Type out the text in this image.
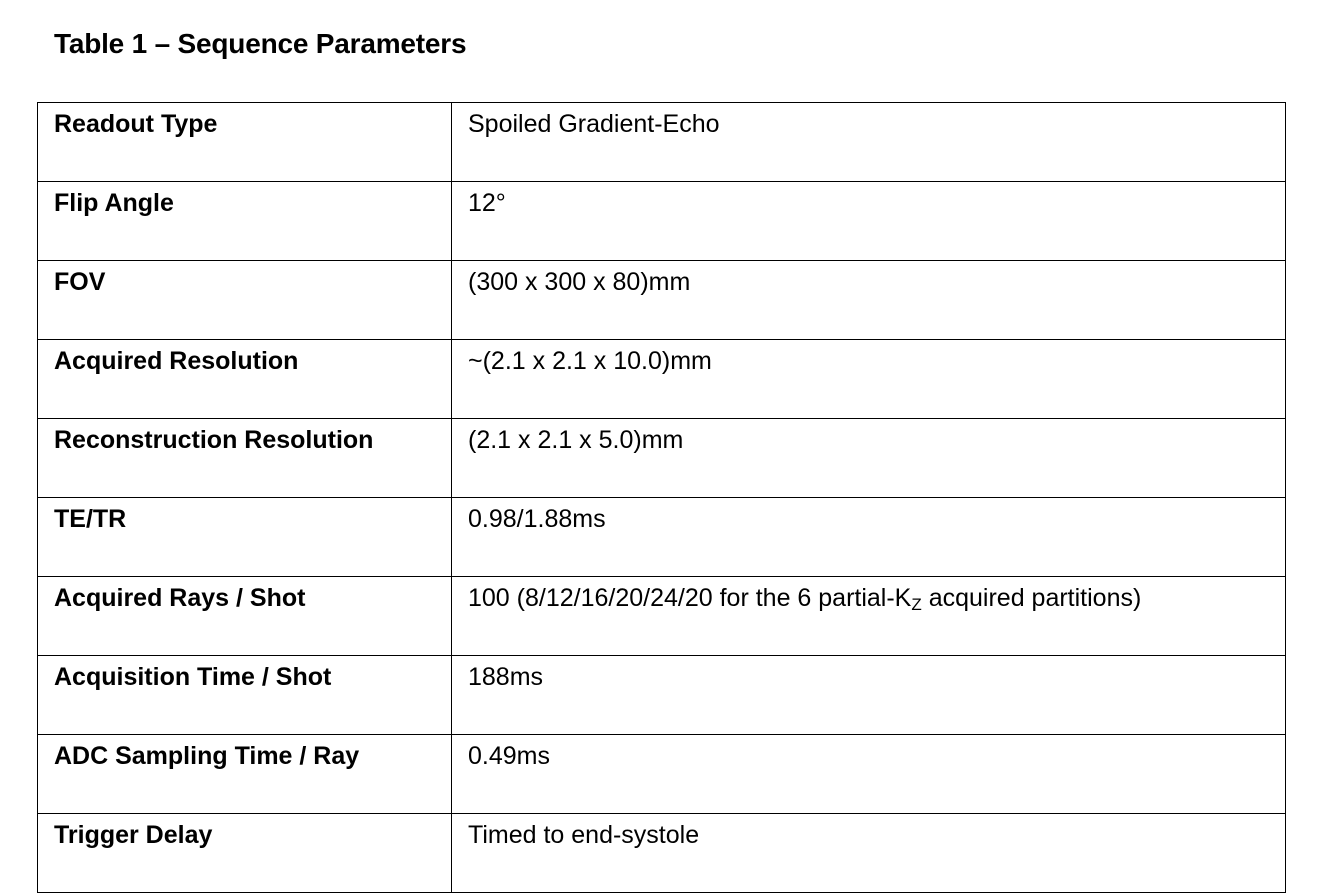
Table 1 – Sequence Parameters
Readout Type	Spoiled Gradient-Echo
Flip Angle	12°
FOV	(300 x 300 x 80)mm
Acquired Resolution	~(2.1 x 2.1 x 10.0)mm
Reconstruction Resolution	(2.1 x 2.1 x 5.0)mm
TE/TR	0.98/1.88ms
Acquired Rays / Shot	100 (8/12/16/20/24/20 for the 6 partial-$K_Z$ acquired partitions)
Acquisition Time / Shot	188ms
ADC Sampling Time / Ray	0.49ms
Trigger Delay	Timed to end-systole
